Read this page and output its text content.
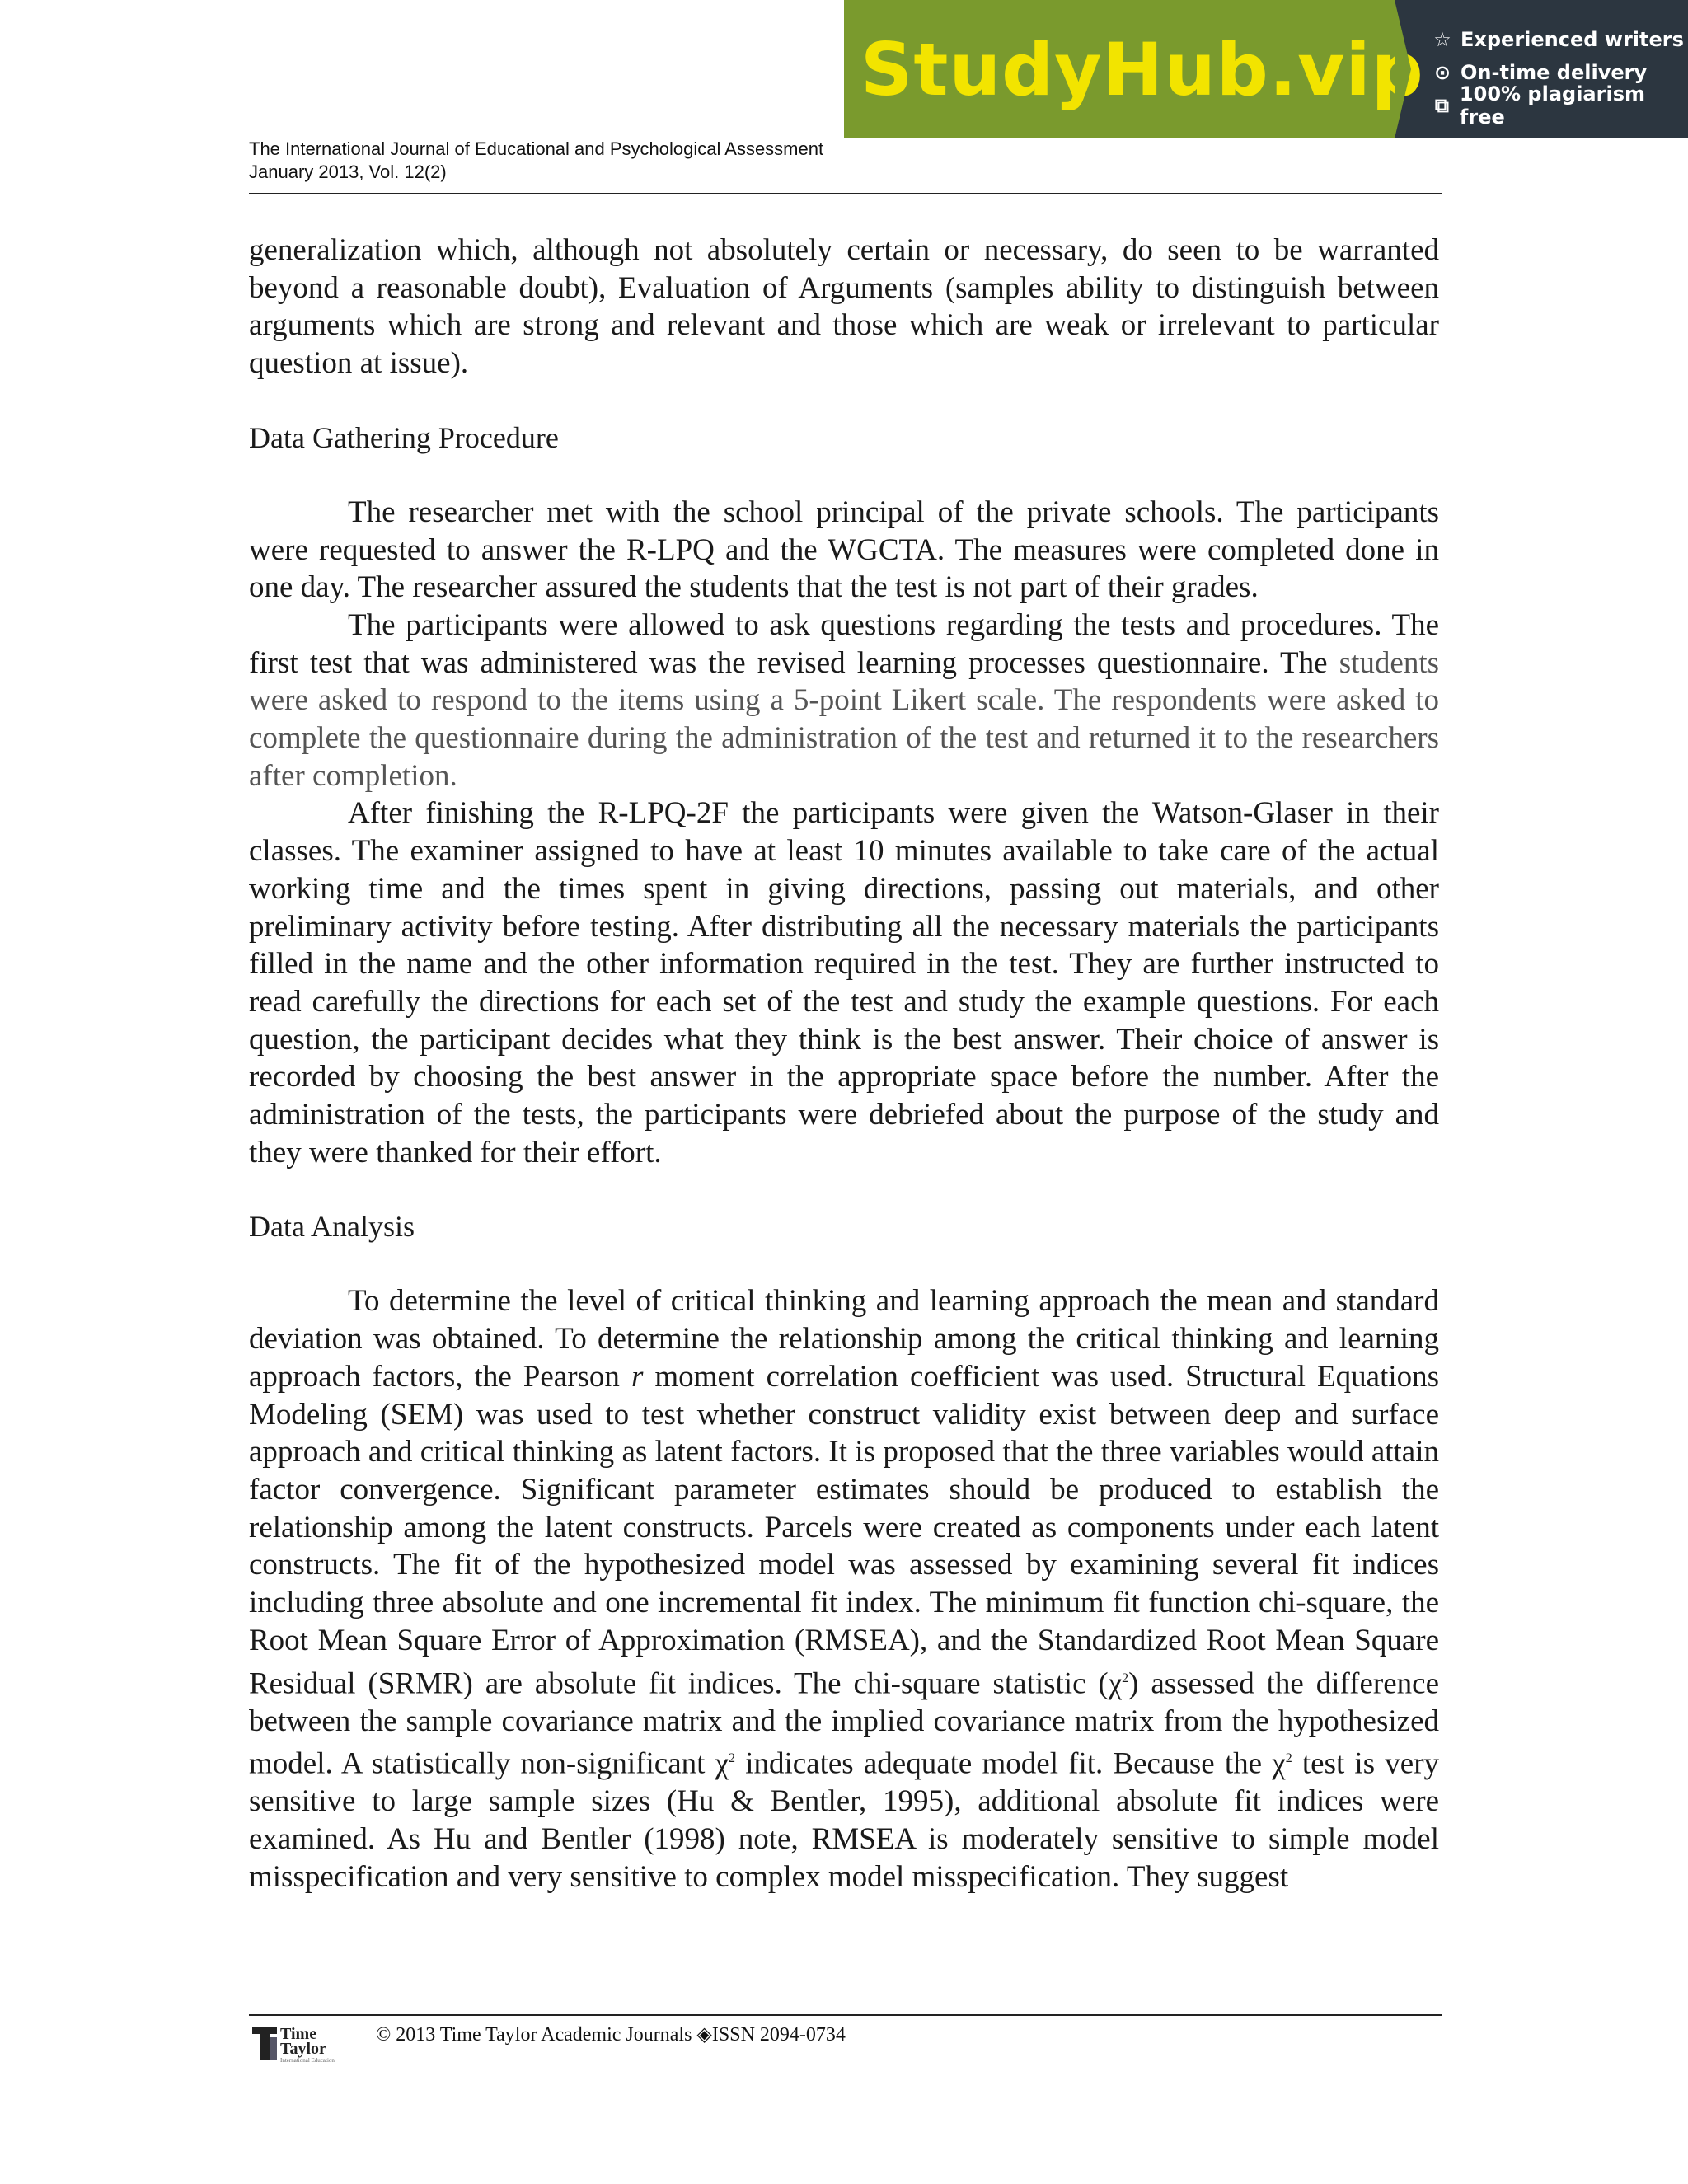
StudyHub.vip ☆ Experienced writers
⊙ On-time delivery
⧉ 100% plagiarism free
The International Journal of Educational and Psychological Assessment
January 2013, Vol. 12(2)

generalization which, although not absolutely certain or necessary, do seen to be warranted beyond a reasonable doubt), Evaluation of Arguments (samples ability to distinguish between arguments which are strong and relevant and those which are weak or irrelevant to particular question at issue).

Data Gathering Procedure

The researcher met with the school principal of the private schools. The participants were requested to answer the R-LPQ and the WGCTA. The measures were completed done in one day. The researcher assured the students that the test is not part of their grades.

The participants were allowed to ask questions regarding the tests and procedures. The first test that was administered was the revised learning processes questionnaire. The students were asked to respond to the items using a 5-point Likert scale. The respondents were asked to complete the questionnaire during the administration of the test and returned it to the researchers after completion.

After finishing the R-LPQ-2F the participants were given the Watson-Glaser in their classes. The examiner assigned to have at least 10 minutes available to take care of the actual working time and the times spent in giving directions, passing out materials, and other preliminary activity before testing. After distributing all the necessary materials the participants filled in the name and the other information required in the test. They are further instructed to read carefully the directions for each set of the test and study the example questions. For each question, the participant decides what they think is the best answer. Their choice of answer is recorded by choosing the best answer in the appropriate space before the number. After the administration of the tests, the participants were debriefed about the purpose of the study and they were thanked for their effort.

Data Analysis

To determine the level of critical thinking and learning approach the mean and standard deviation was obtained. To determine the relationship among the critical thinking and learning approach factors, the Pearson r moment correlation coefficient was used. Structural Equations Modeling (SEM) was used to test whether construct validity exist between deep and surface approach and critical thinking as latent factors. It is proposed that the three variables would attain factor convergence. Significant parameter estimates should be produced to establish the relationship among the latent constructs. Parcels were created as components under each latent constructs. The fit of the hypothesized model was assessed by examining several fit indices including three absolute and one incremental fit index. The minimum fit function chi-square, the Root Mean Square Error of Approximation (RMSEA), and the Standardized Root Mean Square Residual (SRMR) are absolute fit indices. The chi-square statistic $(\chi^2)$ assessed the difference between the sample covariance matrix and the implied covariance matrix from the hypothesized model. A statistically non-significant $\chi^2$ indicates adequate model fit. Because the $\chi^2$ test is very sensitive to large sample sizes (Hu & Bentler, 1995), additional absolute fit indices were examined. As Hu and Bentler (1998) note, RMSEA is moderately sensitive to simple model misspecification and very sensitive to complex model misspecification. They suggest

Time
Taylor
International Education
© 2013 Time Taylor Academic Journals ◈ISSN 2094-0734
